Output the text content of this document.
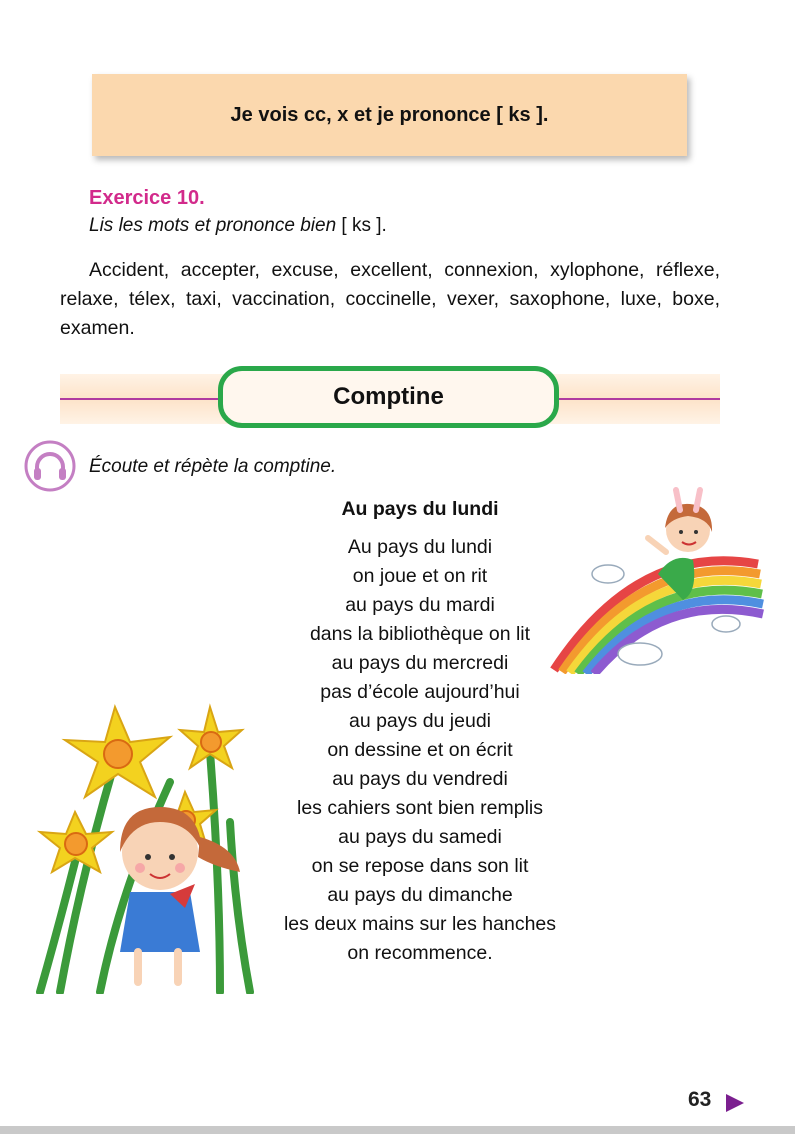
Je vois cc, x et je prononce [ ks ].
Exercice 10.
Lis les mots et prononce bien [ ks ].
Accident, accepter, excuse, excellent, connexion, xylophone, réflexe, relaxe, télex, taxi, vaccination, coccinelle, vexer, saxophone, luxe, boxe, examen.
Comptine
Écoute et répète la comptine.
Au pays du lundi
Au pays du lundi
on joue et on rit
au pays du mardi
dans la bibliothèque on lit
au pays du mercredi
pas d’école aujourd’hui
au pays du jeudi
on dessine et on écrit
au pays du vendredi
les cahiers sont bien remplis
au pays du samedi
on se repose dans son lit
au pays du dimanche
les deux mains sur les hanches
on recommence.
63
